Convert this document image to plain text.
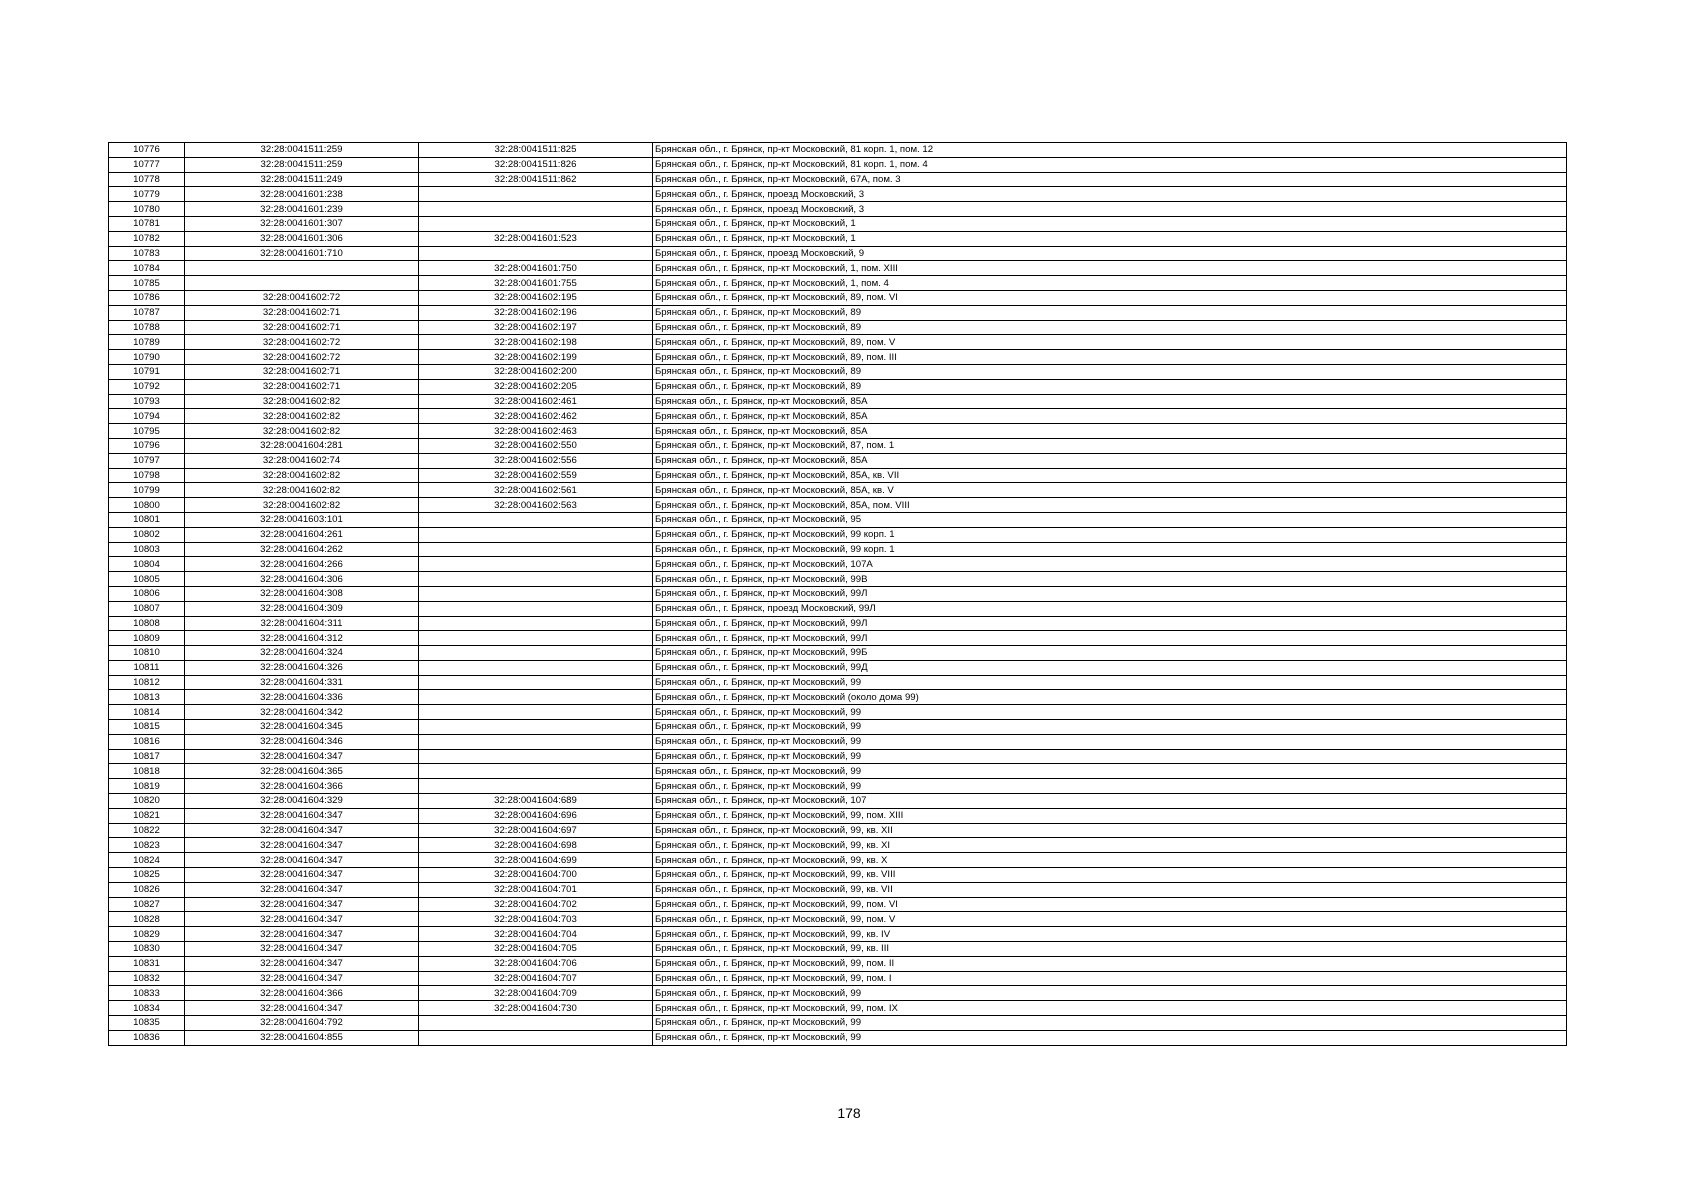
10776	32:28:0041511:259	32:28:0041511:825	Брянская обл., г. Брянск, пр-кт Московский, 81 корп. 1, пом. 12
10777	32:28:0041511:259	32:28:0041511:826	Брянская обл., г. Брянск, пр-кт Московский, 81 корп. 1, пом. 4
10778	32:28:0041511:249	32:28:0041511:862	Брянская обл., г. Брянск, пр-кт Московский, 67А, пом. 3
10779	32:28:0041601:238		Брянская обл., г. Брянск, проезд Московский, 3
10780	32:28:0041601:239		Брянская обл., г. Брянск, проезд Московский, 3
10781	32:28:0041601:307		Брянская обл., г. Брянск, пр-кт Московский, 1
10782	32:28:0041601:306	32:28:0041601:523	Брянская обл., г. Брянск, пр-кт Московский, 1
10783	32:28:0041601:710		Брянская обл., г. Брянск, проезд Московский, 9
10784		32:28:0041601:750	Брянская обл., г. Брянск, пр-кт Московский, 1, пом. XIII
10785		32:28:0041601:755	Брянская обл., г. Брянск, пр-кт Московский, 1, пом. 4
10786	32:28:0041602:72	32:28:0041602:195	Брянская обл., г. Брянск, пр-кт Московский, 89, пом. VI
10787	32:28:0041602:71	32:28:0041602:196	Брянская обл., г. Брянск, пр-кт Московский, 89
10788	32:28:0041602:71	32:28:0041602:197	Брянская обл., г. Брянск, пр-кт Московский, 89
10789	32:28:0041602:72	32:28:0041602:198	Брянская обл., г. Брянск, пр-кт Московский, 89, пом. V
10790	32:28:0041602:72	32:28:0041602:199	Брянская обл., г. Брянск, пр-кт Московский, 89, пом. III
10791	32:28:0041602:71	32:28:0041602:200	Брянская обл., г. Брянск, пр-кт Московский, 89
10792	32:28:0041602:71	32:28:0041602:205	Брянская обл., г. Брянск, пр-кт Московский, 89
10793	32:28:0041602:82	32:28:0041602:461	Брянская обл., г. Брянск, пр-кт Московский, 85А
10794	32:28:0041602:82	32:28:0041602:462	Брянская обл., г. Брянск, пр-кт Московский, 85А
10795	32:28:0041602:82	32:28:0041602:463	Брянская обл., г. Брянск, пр-кт Московский, 85А
10796	32:28:0041604:281	32:28:0041602:550	Брянская обл., г. Брянск, пр-кт Московский, 87, пом. 1
10797	32:28:0041602:74	32:28:0041602:556	Брянская обл., г. Брянск, пр-кт Московский, 85А
10798	32:28:0041602:82	32:28:0041602:559	Брянская обл., г. Брянск, пр-кт Московский, 85А, кв. VII
10799	32:28:0041602:82	32:28:0041602:561	Брянская обл., г. Брянск, пр-кт Московский, 85А, кв. V
10800	32:28:0041602:82	32:28:0041602:563	Брянская обл., г. Брянск, пр-кт Московский, 85А, пом. VIII
10801	32:28:0041603:101		Брянская обл., г. Брянск, пр-кт Московский, 95
10802	32:28:0041604:261		Брянская обл., г. Брянск, пр-кт Московский, 99 корп. 1
10803	32:28:0041604:262		Брянская обл., г. Брянск, пр-кт Московский, 99 корп. 1
10804	32:28:0041604:266		Брянская обл., г. Брянск, пр-кт Московский, 107А
10805	32:28:0041604:306		Брянская обл., г. Брянск, пр-кт Московский, 99В
10806	32:28:0041604:308		Брянская обл., г. Брянск, пр-кт Московский, 99Л
10807	32:28:0041604:309		Брянская обл., г. Брянск, проезд Московский, 99Л
10808	32:28:0041604:311		Брянская обл., г. Брянск, пр-кт Московский, 99Л
10809	32:28:0041604:312		Брянская обл., г. Брянск, пр-кт Московский, 99Л
10810	32:28:0041604:324		Брянская обл., г. Брянск, пр-кт Московский, 99Б
10811	32:28:0041604:326		Брянская обл., г. Брянск, пр-кт Московский, 99Д
10812	32:28:0041604:331		Брянская обл., г. Брянск, пр-кт Московский, 99
10813	32:28:0041604:336		Брянская обл., г. Брянск, пр-кт Московский (около дома 99)
10814	32:28:0041604:342		Брянская обл., г. Брянск, пр-кт Московский, 99
10815	32:28:0041604:345		Брянская обл., г. Брянск, пр-кт Московский, 99
10816	32:28:0041604:346		Брянская обл., г. Брянск, пр-кт Московский, 99
10817	32:28:0041604:347		Брянская обл., г. Брянск, пр-кт Московский, 99
10818	32:28:0041604:365		Брянская обл., г. Брянск, пр-кт Московский, 99
10819	32:28:0041604:366		Брянская обл., г. Брянск, пр-кт Московский, 99
10820	32:28:0041604:329	32:28:0041604:689	Брянская обл., г. Брянск, пр-кт Московский, 107
10821	32:28:0041604:347	32:28:0041604:696	Брянская обл., г. Брянск, пр-кт Московский, 99, пом. XIII
10822	32:28:0041604:347	32:28:0041604:697	Брянская обл., г. Брянск, пр-кт Московский, 99, кв. XII
10823	32:28:0041604:347	32:28:0041604:698	Брянская обл., г. Брянск, пр-кт Московский, 99, кв. XI
10824	32:28:0041604:347	32:28:0041604:699	Брянская обл., г. Брянск, пр-кт Московский, 99, кв. X
10825	32:28:0041604:347	32:28:0041604:700	Брянская обл., г. Брянск, пр-кт Московский, 99, кв. VIII
10826	32:28:0041604:347	32:28:0041604:701	Брянская обл., г. Брянск, пр-кт Московский, 99, кв. VII
10827	32:28:0041604:347	32:28:0041604:702	Брянская обл., г. Брянск, пр-кт Московский, 99, пом. VI
10828	32:28:0041604:347	32:28:0041604:703	Брянская обл., г. Брянск, пр-кт Московский, 99, пом. V
10829	32:28:0041604:347	32:28:0041604:704	Брянская обл., г. Брянск, пр-кт Московский, 99, кв. IV
10830	32:28:0041604:347	32:28:0041604:705	Брянская обл., г. Брянск, пр-кт Московский, 99, кв. III
10831	32:28:0041604:347	32:28:0041604:706	Брянская обл., г. Брянск, пр-кт Московский, 99, пом. II
10832	32:28:0041604:347	32:28:0041604:707	Брянская обл., г. Брянск, пр-кт Московский, 99, пом. I
10833	32:28:0041604:366	32:28:0041604:709	Брянская обл., г. Брянск, пр-кт Московский, 99
10834	32:28:0041604:347	32:28:0041604:730	Брянская обл., г. Брянск, пр-кт Московский, 99, пом. IX
10835	32:28:0041604:792		Брянская обл., г. Брянск, пр-кт Московский, 99
10836	32:28:0041604:855		Брянская обл., г. Брянск, пр-кт Московский, 99
178
